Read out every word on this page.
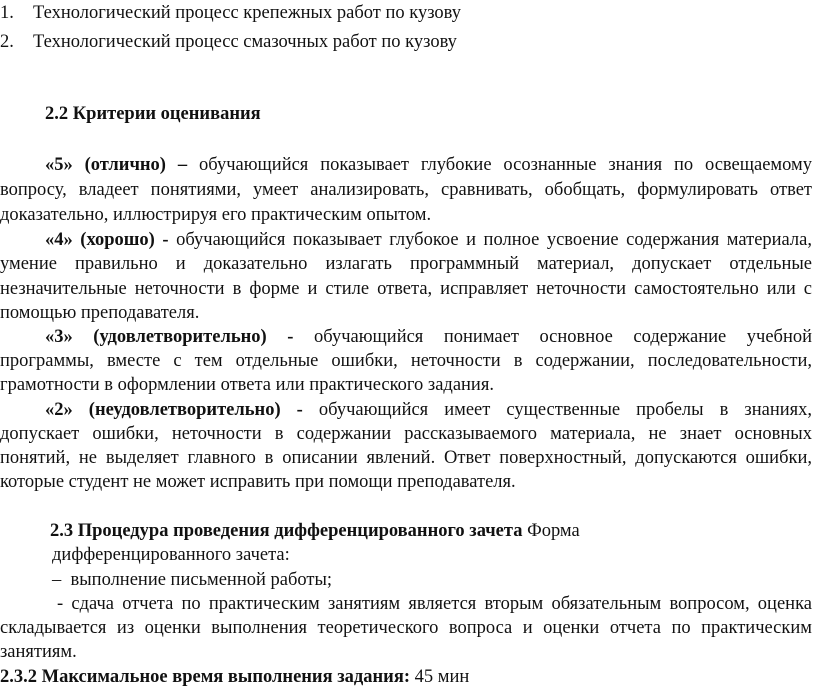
1. Технологический процесс крепежных работ по кузову
2. Технологический процесс смазочных работ по кузову
2.2 Критерии оценивания
«5» (отлично) – обучающийся показывает глубокие осознанные знания по освещаемому
вопросу, владеет понятиями, умеет анализировать, сравнивать, обобщать, формулировать ответ
доказательно, иллюстрируя его практическим опытом.
«4» (хорошо) - обучающийся показывает глубокое и полное усвоение содержания материала,
умение правильно и доказательно излагать программный материал, допускает отдельные
незначительные неточности в форме и стиле ответа, исправляет неточности самостоятельно или с
помощью преподавателя.
«3» (удовлетворительно) - обучающийся понимает основное содержание учебной
программы, вместе с тем отдельные ошибки, неточности в содержании, последовательности,
грамотности в оформлении ответа или практического задания.
«2» (неудовлетворительно) - обучающийся имеет существенные пробелы в знаниях,
допускает ошибки, неточности в содержании рассказываемого материала, не знает основных
понятий, не выделяет главного в описании явлений. Ответ поверхностный, допускаются ошибки,
которые студент не может исправить при помощи преподавателя.
2.3 Процедура проведения дифференцированного зачета Форма
дифференцированного зачета:
–  выполнение письменной работы;
- сдача отчета по практическим занятиям является вторым обязательным вопросом, оценка
складывается из оценки выполнения теоретического вопроса и оценки отчета по практическим
занятиям.
2.3.2 Максимальное время выполнения задания: 45 мин
